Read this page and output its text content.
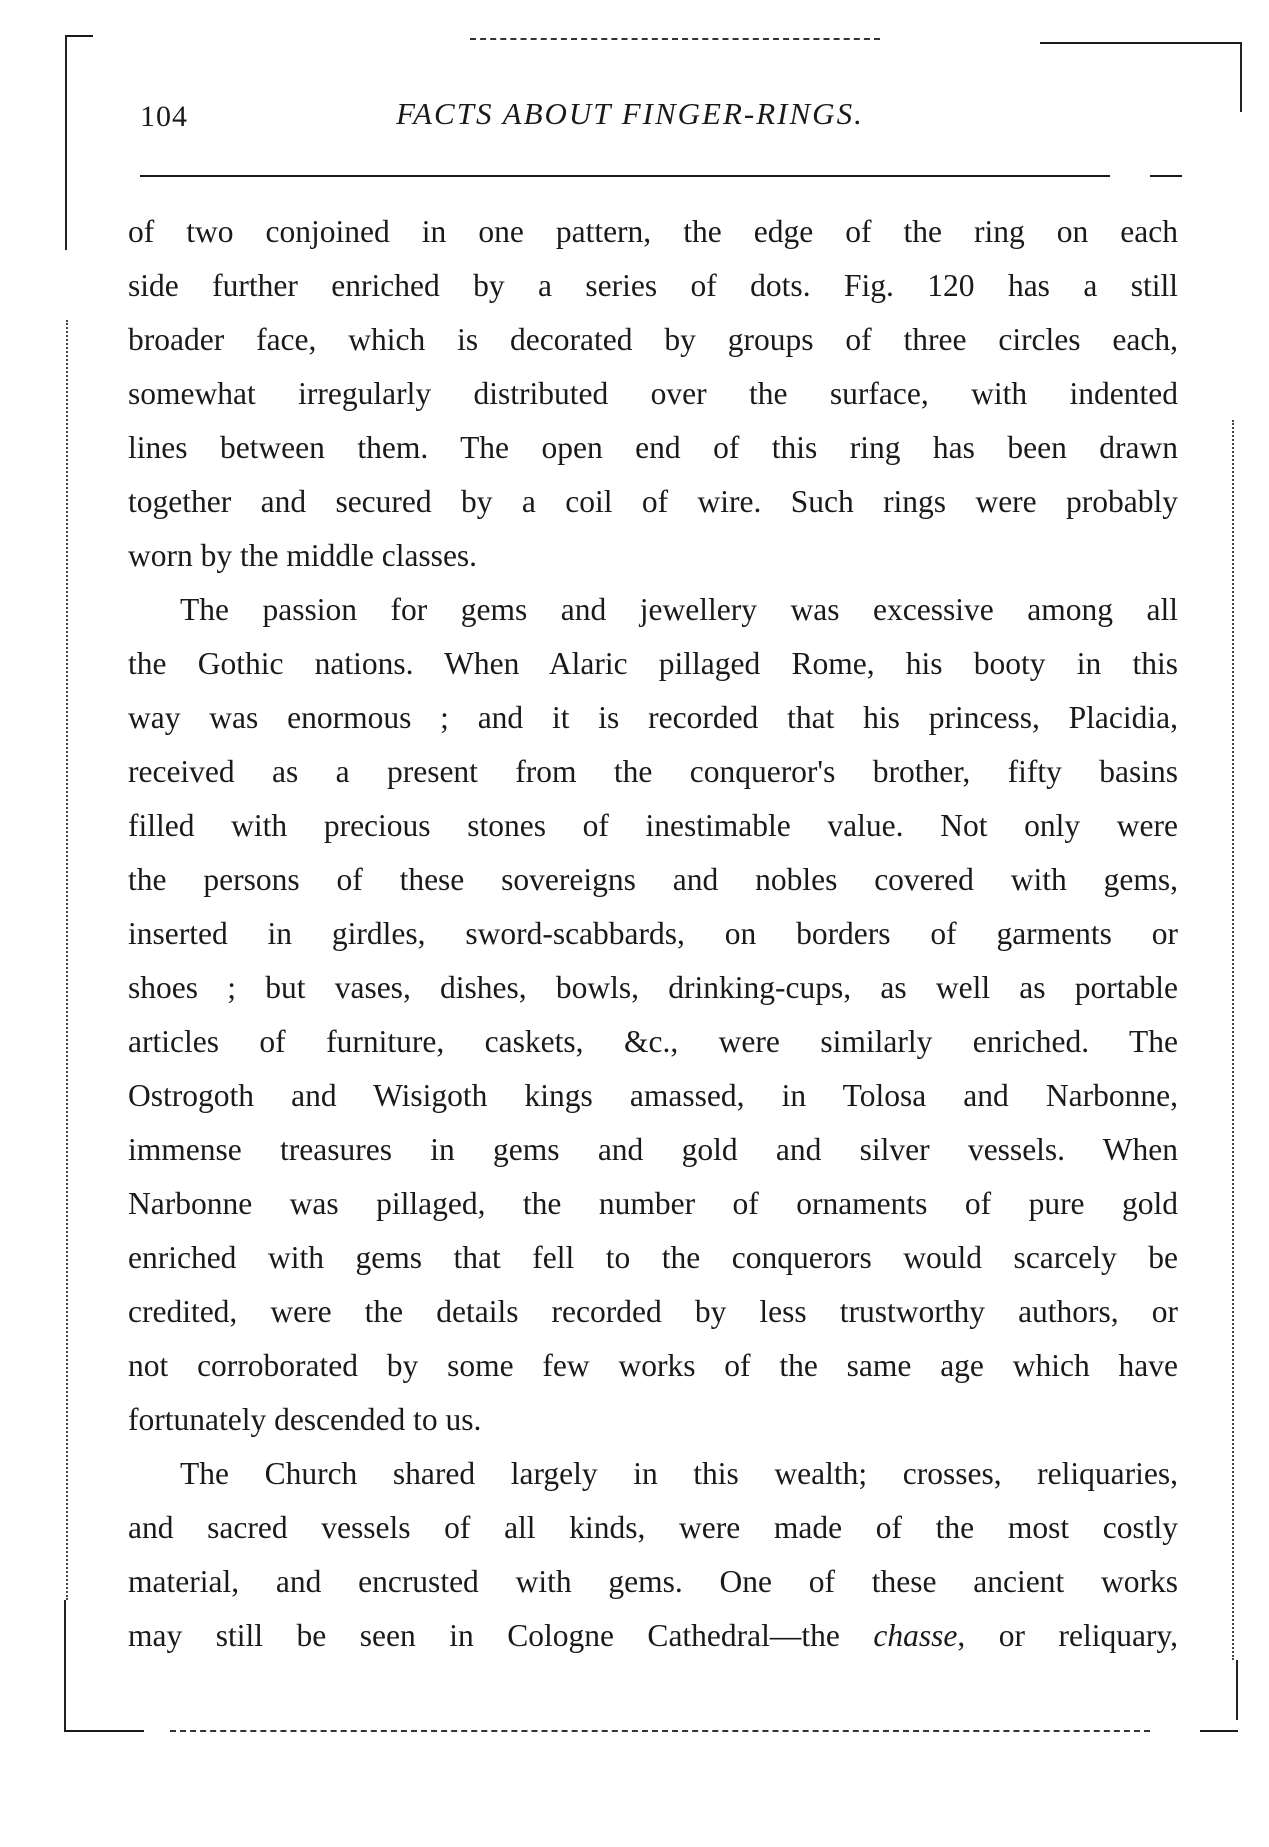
104	FACTS ABOUT FINGER-RINGS.
of two conjoined in one pattern, the edge of the ring on each
side further enriched by a series of dots. Fig. 120 has a still
broader face, which is decorated by groups of three circles each,
somewhat irregularly distributed over the surface, with indented
lines between them. The open end of this ring has been drawn
together and secured by a coil of wire. Such rings were probably
worn by the middle classes.
The passion for gems and jewellery was excessive among all
the Gothic nations. When Alaric pillaged Rome, his booty in this
way was enormous ; and it is recorded that his princess, Placidia,
received as a present from the conqueror's brother, fifty basins
filled with precious stones of inestimable value. Not only were
the persons of these sovereigns and nobles covered with gems,
inserted in girdles, sword-scabbards, on borders of garments or
shoes ; but vases, dishes, bowls, drinking-cups, as well as portable
articles of furniture, caskets, &c., were similarly enriched. The
Ostrogoth and Wisigoth kings amassed, in Tolosa and Narbonne,
immense treasures in gems and gold and silver vessels. When
Narbonne was pillaged, the number of ornaments of pure gold
enriched with gems that fell to the conquerors would scarcely be
credited, were the details recorded by less trustworthy authors, or
not corroborated by some few works of the same age which have
fortunately descended to us.
The Church shared largely in this wealth; crosses, reliquaries,
and sacred vessels of all kinds, were made of the most costly
material, and encrusted with gems. One of these ancient works
may still be seen in Cologne Cathedral—the chasse, or reliquary,
